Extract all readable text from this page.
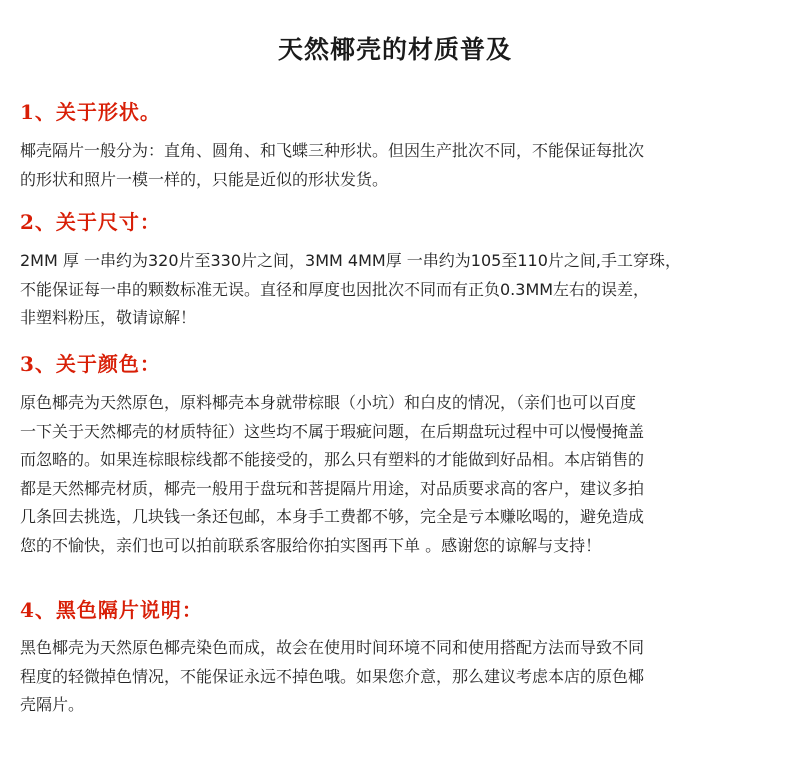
天然椰壳的材质普及
1、关于形状。
椰壳隔片一般分为：直角、圆角、和飞蝶三种形状。但因生产批次不同，不能保证每批次
的形状和照片一模一样的，只能是近似的形状发货。
2、关于尺寸：
2MM 厚 一串约为320片至330片之间，3MM 4MM厚 一串约为105至110片之间,手工穿珠，
不能保证每一串的颗数标准无误。直径和厚度也因批次不同而有正负0.3MM左右的误差，
非塑料粉压，敬请谅解！
3、关于颜色：
原色椰壳为天然原色，原料椰壳本身就带棕眼（小坑）和白皮的情况，（亲们也可以百度
一下关于天然椰壳的材质特征）这些均不属于瑕疵问题，在后期盘玩过程中可以慢慢掩盖
而忽略的。如果连棕眼棕线都不能接受的，那么只有塑料的才能做到好品相。本店销售的
都是天然椰壳材质，椰壳一般用于盘玩和菩提隔片用途，对品质要求高的客户，建议多拍
几条回去挑选，几块钱一条还包邮，本身手工费都不够，完全是亏本赚吆喝的，避免造成
您的不愉快，亲们也可以拍前联系客服给你拍实图再下单 。感谢您的谅解与支持！
4、黑色隔片说明：
黑色椰壳为天然原色椰壳染色而成，故会在使用时间环境不同和使用搭配方法而导致不同
程度的轻微掉色情况，不能保证永远不掉色哦。如果您介意，那么建议考虑本店的原色椰
壳隔片。
